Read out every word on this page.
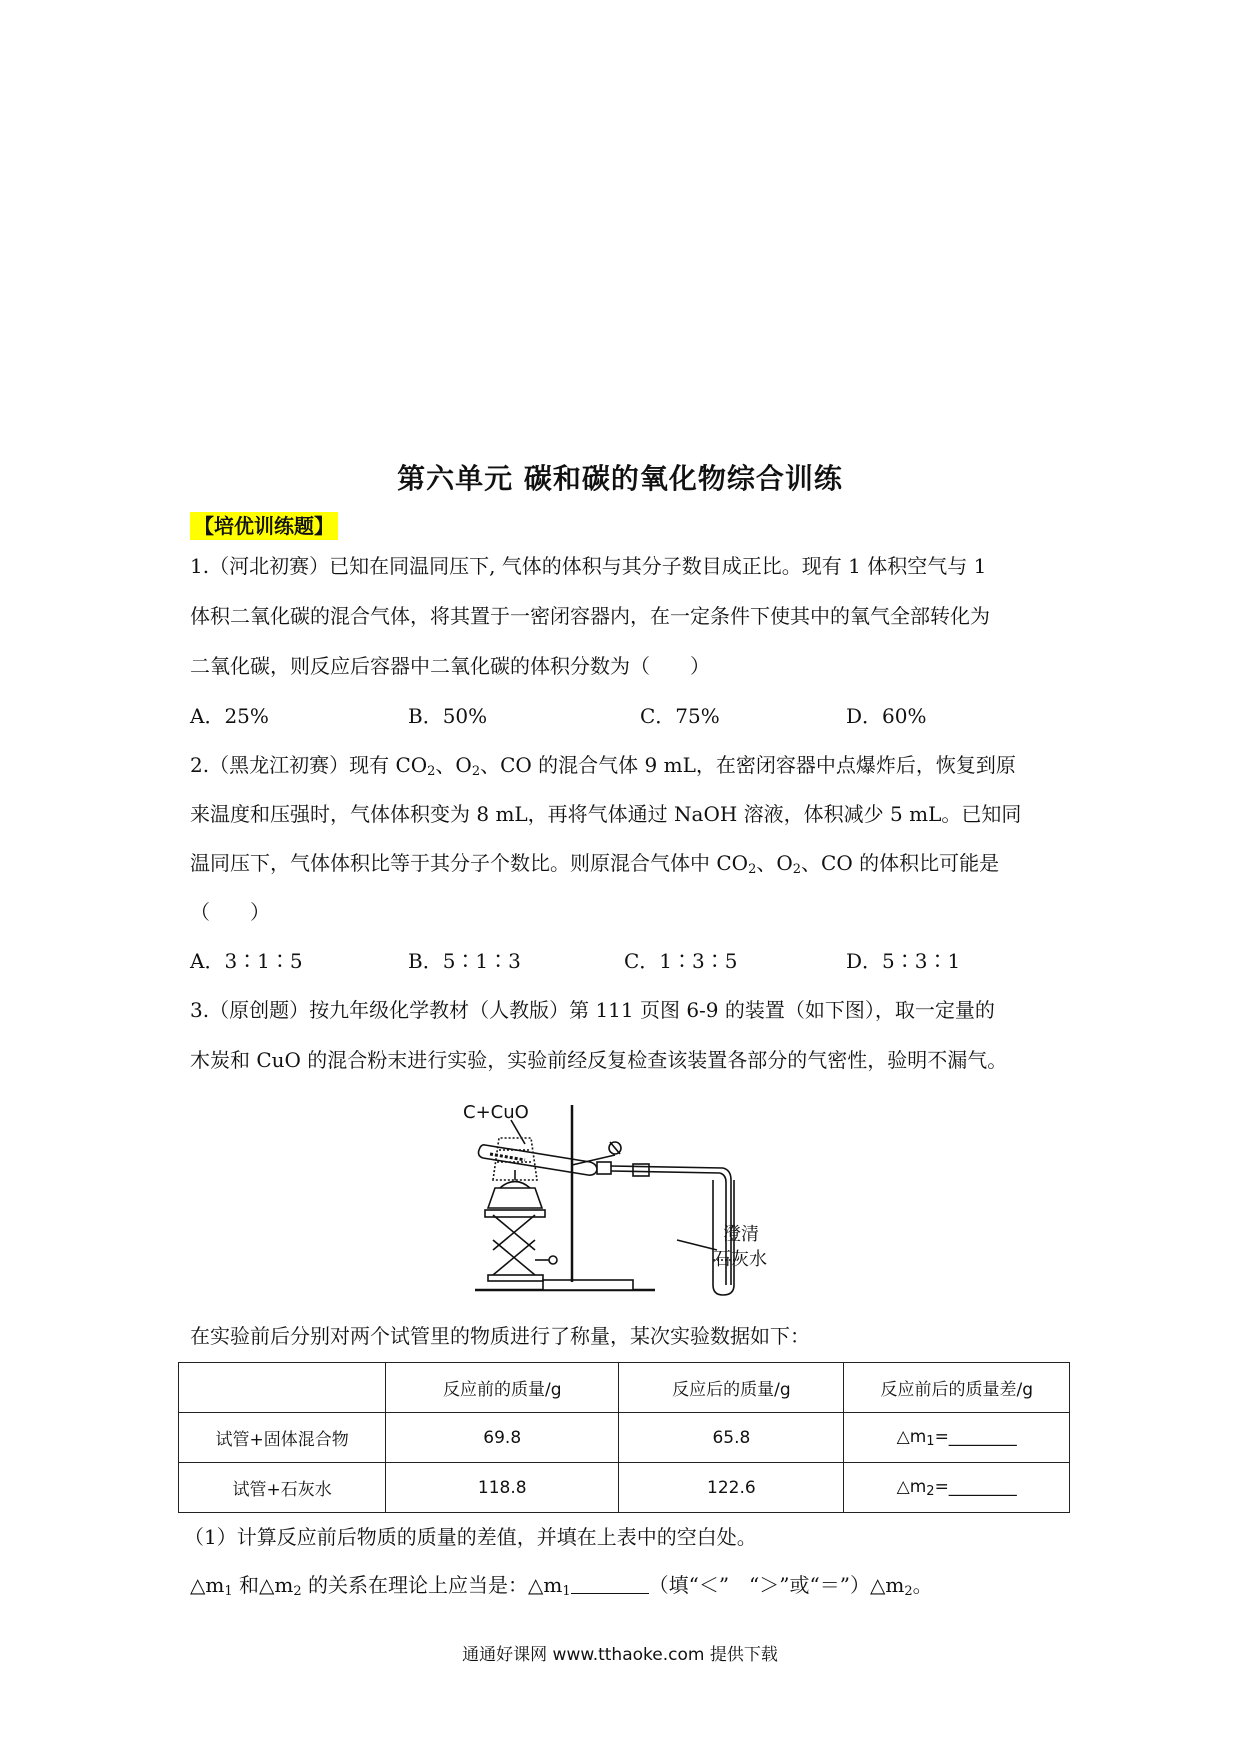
第六单元 碳和碳的氧化物综合训练
【培优训练题】
1.（河北初赛）已知在同温同压下, 气体的体积与其分子数目成正比。现有 1 体积空气与 1
体积二氧化碳的混合气体，将其置于一密闭容器内，在一定条件下使其中的氧气全部转化为
二氧化碳，则反应后容器中二氧化碳的体积分数为（　　）
A．25%	B．50%	C．75%	D．60%
2.（黑龙江初赛）现有 $CO_2$、$O_2$、CO 的混合气体 9 mL，在密闭容器中点爆炸后，恢复到原
来温度和压强时，气体体积变为 8 mL，再将气体通过 NaOH 溶液，体积减少 5 mL。已知同
温同压下，气体体积比等于其分子个数比。则原混合气体中 $CO_2$、$O_2$、CO 的体积比可能是
（　　）
A．3∶1∶5	B．5∶1∶3	C．1∶3∶5	D．5∶3∶1
3.（原创题）按九年级化学教材（人教版）第 111 页图 6-9 的装置（如下图），取一定量的
木炭和 CuO 的混合粉末进行实验，实验前经反复检查该装置各部分的气密性，验明不漏气。
C+CuO
澄清
石灰水
在实验前后分别对两个试管里的物质进行了称量，某次实验数据如下：
	反应前的质量/g	反应后的质量/g	反应前后的质量差/g
试管+固体混合物	69.8	65.8	$\triangle m_1=\_\_\_\_\_\_\_\_$
试管+石灰水	118.8	122.6	$\triangle m_2=\_\_\_\_\_\_\_\_$
（1）计算反应前后物质的质量的差值，并填在上表中的空白处。
$\triangle m_1$ 和$\triangle m_2$ 的关系在理论上应当是：$\triangle m_1$	（填“＜”　“＞”或“$=”)\triangle m_2$。
通通好课网 www.tthaoke.com 提供下载
